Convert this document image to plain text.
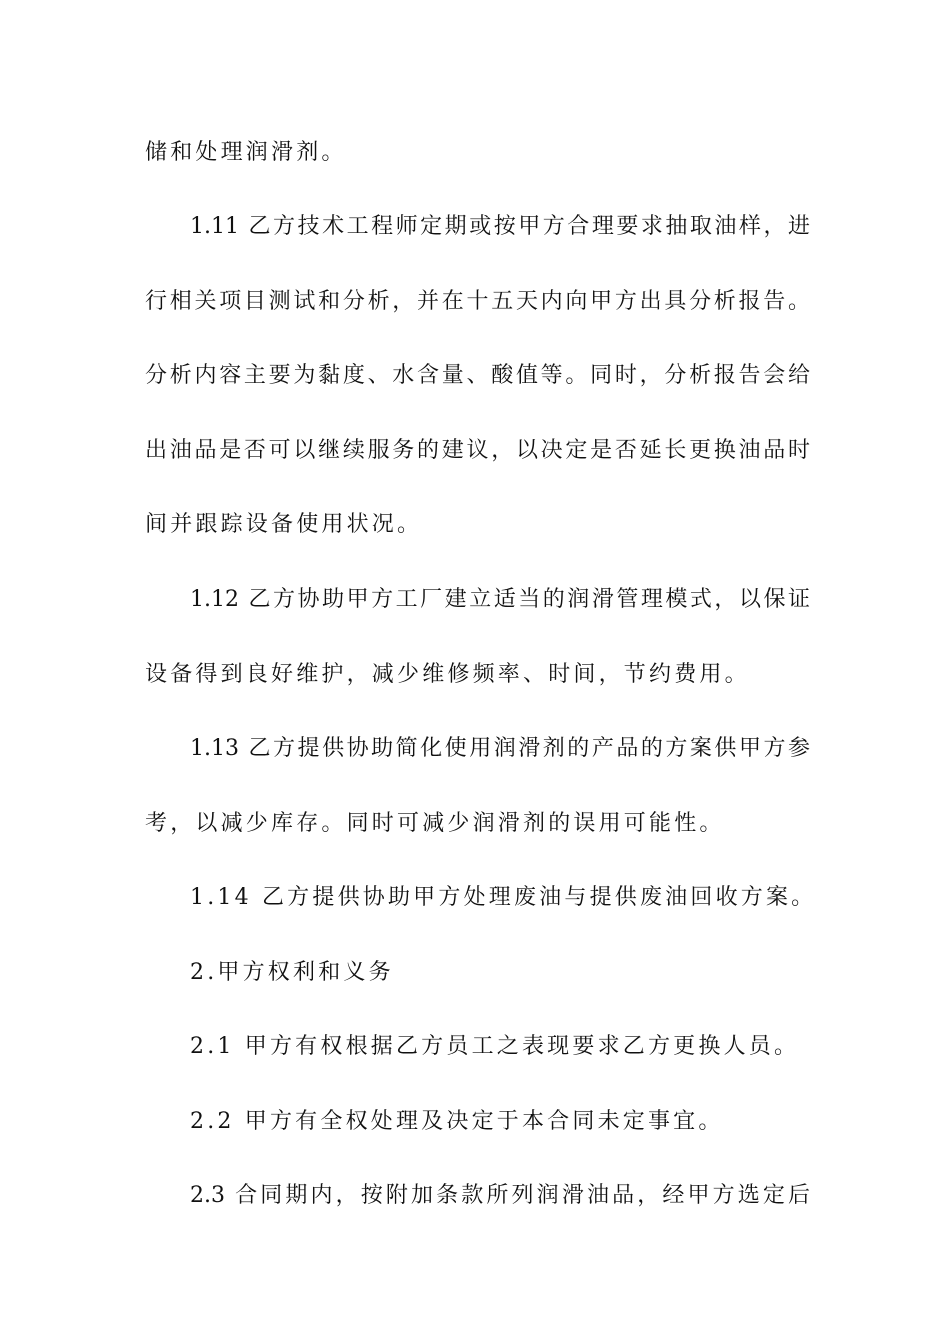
储和处理润滑剂。
1.11 乙方技术工程师定期或按甲方合理要求抽取油样，进
行相关项目测试和分析，并在十五天内向甲方出具分析报告。
分析内容主要为黏度、水含量、酸值等。同时，分析报告会给
出油品是否可以继续服务的建议，以决定是否延长更换油品时
间并跟踪设备使用状况。
1.12 乙方协助甲方工厂建立适当的润滑管理模式，以保证
设备得到良好维护，减少维修频率、时间，节约费用。
1.13 乙方提供协助简化使用润滑剂的产品的方案供甲方参
考，以减少库存。同时可减少润滑剂的误用可能性。
1.14 乙方提供协助甲方处理废油与提供废油回收方案。
2.甲方权利和义务
2.1 甲方有权根据乙方员工之表现要求乙方更换人员。
2.2 甲方有全权处理及决定于本合同未定事宜。
2.3 合同期内，按附加条款所列润滑油品，经甲方选定后
